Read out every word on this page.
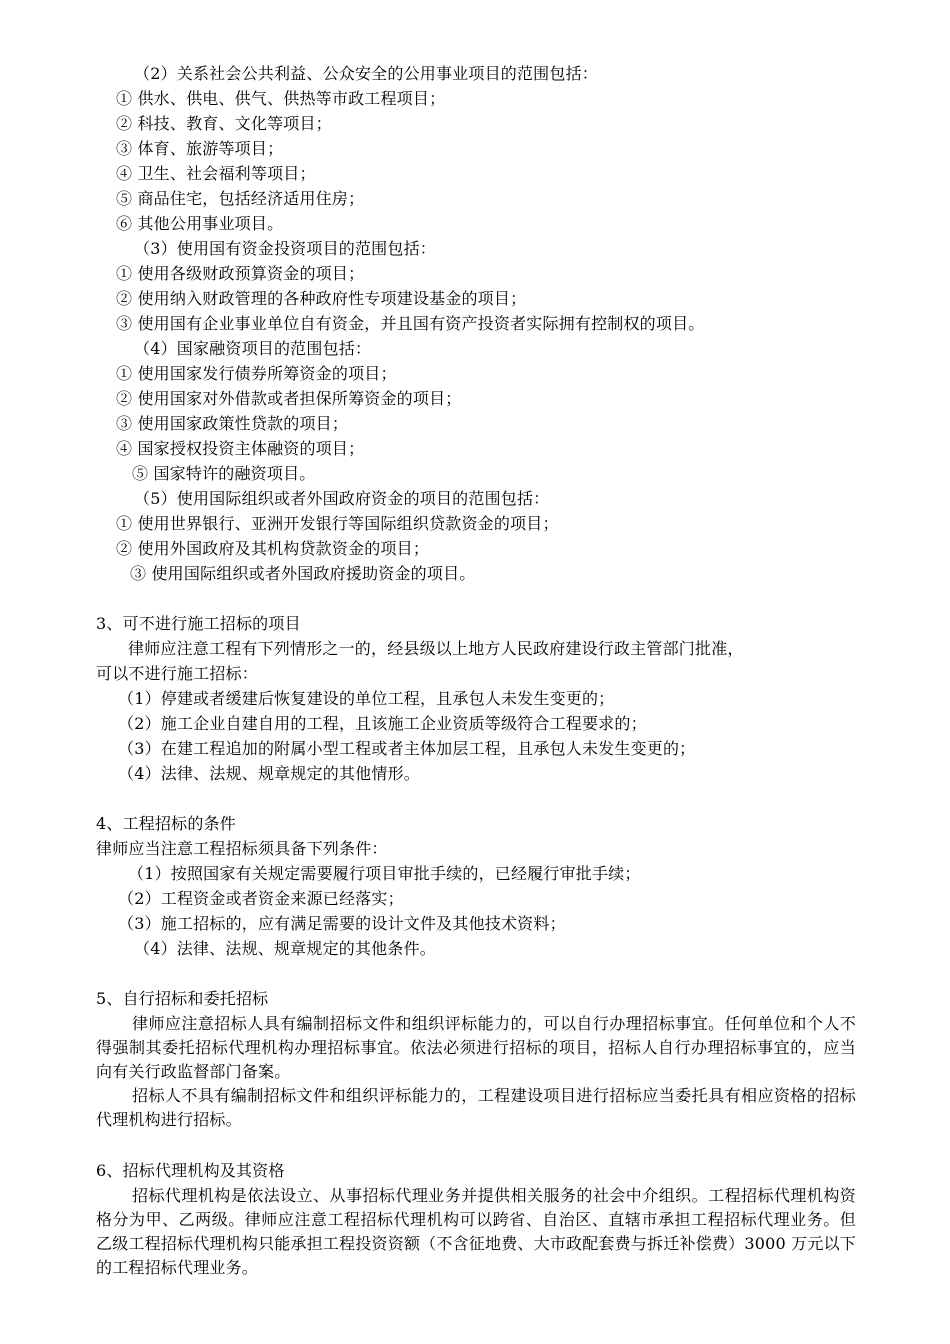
（2）关系社会公共利益、公众安全的公用事业项目的范围包括：
① 供水、供电、供气、供热等市政工程项目；
② 科技、教育、文化等项目；
③ 体育、旅游等项目；
④ 卫生、社会福利等项目；
⑤ 商品住宅，包括经济适用住房；
⑥ 其他公用事业项目。
（3）使用国有资金投资项目的范围包括：
① 使用各级财政预算资金的项目；
② 使用纳入财政管理的各种政府性专项建设基金的项目；
③ 使用国有企业事业单位自有资金，并且国有资产投资者实际拥有控制权的项目。
（4）国家融资项目的范围包括：
① 使用国家发行债券所筹资金的项目；
② 使用国家对外借款或者担保所筹资金的项目；
③ 使用国家政策性贷款的项目；
④ 国家授权投资主体融资的项目；
⑤ 国家特许的融资项目。
（5）使用国际组织或者外国政府资金的项目的范围包括：
① 使用世界银行、亚洲开发银行等国际组织贷款资金的项目；
② 使用外国政府及其机构贷款资金的项目；
③ 使用国际组织或者外国政府援助资金的项目。
3、可不进行施工招标的项目
律师应注意工程有下列情形之一的，经县级以上地方人民政府建设行政主管部门批准，
可以不进行施工招标：
（1）停建或者缓建后恢复建设的单位工程，且承包人未发生变更的；
（2）施工企业自建自用的工程，且该施工企业资质等级符合工程要求的；
（3）在建工程追加的附属小型工程或者主体加层工程，且承包人未发生变更的；
（4）法律、法规、规章规定的其他情形。
4、工程招标的条件
律师应当注意工程招标须具备下列条件：
（1）按照国家有关规定需要履行项目审批手续的，已经履行审批手续；
（2）工程资金或者资金来源已经落实；
（3）施工招标的，应有满足需要的设计文件及其他技术资料；
（4）法律、法规、规章规定的其他条件。
5、自行招标和委托招标
律师应注意招标人具有编制招标文件和组织评标能力的，可以自行办理招标事宜。任何单位和个人不得强制其委托招标代理机构办理招标事宜。依法必须进行招标的项目，招标人自行办理招标事宜的，应当向有关行政监督部门备案。
招标人不具有编制招标文件和组织评标能力的，工程建设项目进行招标应当委托具有相应资格的招标代理机构进行招标。
6、招标代理机构及其资格
招标代理机构是依法设立、从事招标代理业务并提供相关服务的社会中介组织。工程招标代理机构资格分为甲、乙两级。律师应注意工程招标代理机构可以跨省、自治区、直辖市承担工程招标代理业务。但乙级工程招标代理机构只能承担工程投资资额（不含征地费、大市政配套费与拆迁补偿费）3000 万元以下的工程招标代理业务。
